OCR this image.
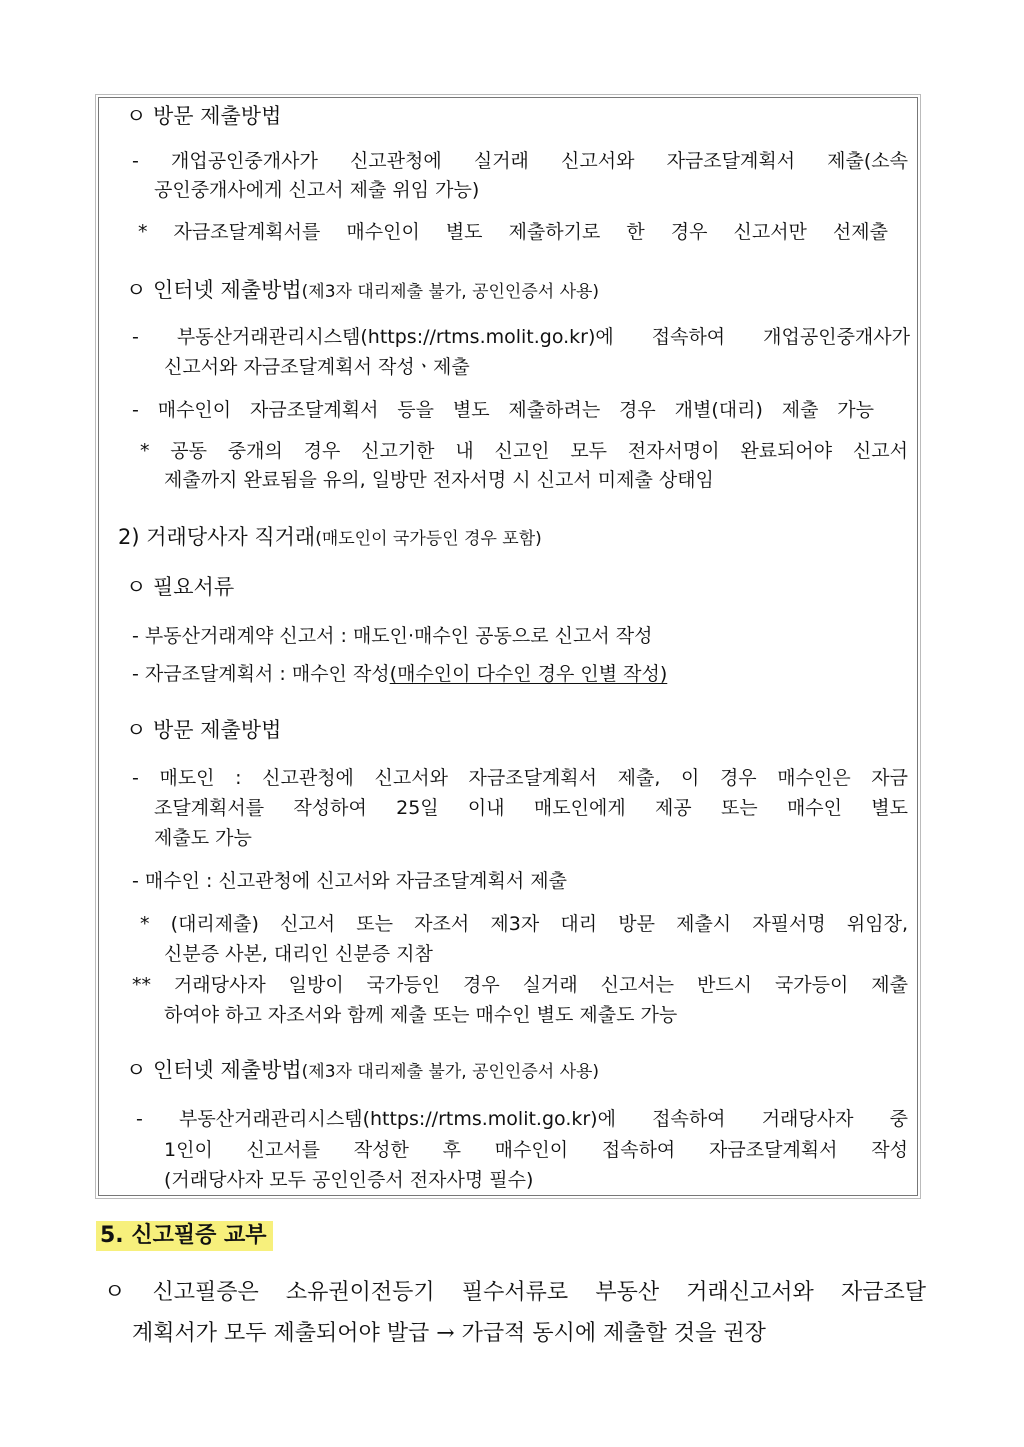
ㅇ 방문 제출방법
- 개업공인중개사가 신고관청에 실거래 신고서와 자금조달계획서 제출(소속
공인중개사에게 신고서 제출 위임 가능)
* 자금조달계획서를 매수인이 별도 제출하기로 한 경우 신고서만 선제출
ㅇ 인터넷 제출방법(제3자 대리제출 불가, 공인인증서 사용)
- 부동산거래관리시스템(https://rtms.molit.go.kr)에 접속하여 개업공인중개사가
신고서와 자금조달계획서 작성ㆍ제출
- 매수인이 자금조달계획서 등을 별도 제출하려는 경우 개별(대리) 제출 가능
* 공동 중개의 경우 신고기한 내 신고인 모두 전자서명이 완료되어야 신고서
제출까지 완료됨을 유의, 일방만 전자서명 시 신고서 미제출 상태임
2) 거래당사자 직거래(매도인이 국가등인 경우 포함)
ㅇ 필요서류
- 부동산거래계약 신고서 : 매도인·매수인 공동으로 신고서 작성
- 자금조달계획서 : 매수인 작성(매수인이 다수인 경우 인별 작성)
ㅇ 방문 제출방법
- 매도인 : 신고관청에 신고서와 자금조달계획서 제출, 이 경우 매수인은 자금
조달계획서를 작성하여 25일 이내 매도인에게 제공 또는 매수인 별도
제출도 가능
- 매수인 : 신고관청에 신고서와 자금조달계획서 제출
* (대리제출) 신고서 또는 자조서 제3자 대리 방문 제출시 자필서명 위임장,
신분증 사본, 대리인 신분증 지참
** 거래당사자 일방이 국가등인 경우 실거래 신고서는 반드시 국가등이 제출
하여야 하고 자조서와 함께 제출 또는 매수인 별도 제출도 가능
ㅇ 인터넷 제출방법(제3자 대리제출 불가, 공인인증서 사용)
- 부동산거래관리시스템(https://rtms.molit.go.kr)에 접속하여 거래당사자 중
1인이 신고서를 작성한 후 매수인이 접속하여 자금조달계획서 작성
(거래당사자 모두 공인인증서 전자사명 필수)
5. 신고필증 교부
ㅇ 신고필증은 소유권이전등기 필수서류로 부동산 거래신고서와 자금조달
계획서가 모두 제출되어야 발급 → 가급적 동시에 제출할 것을 권장
